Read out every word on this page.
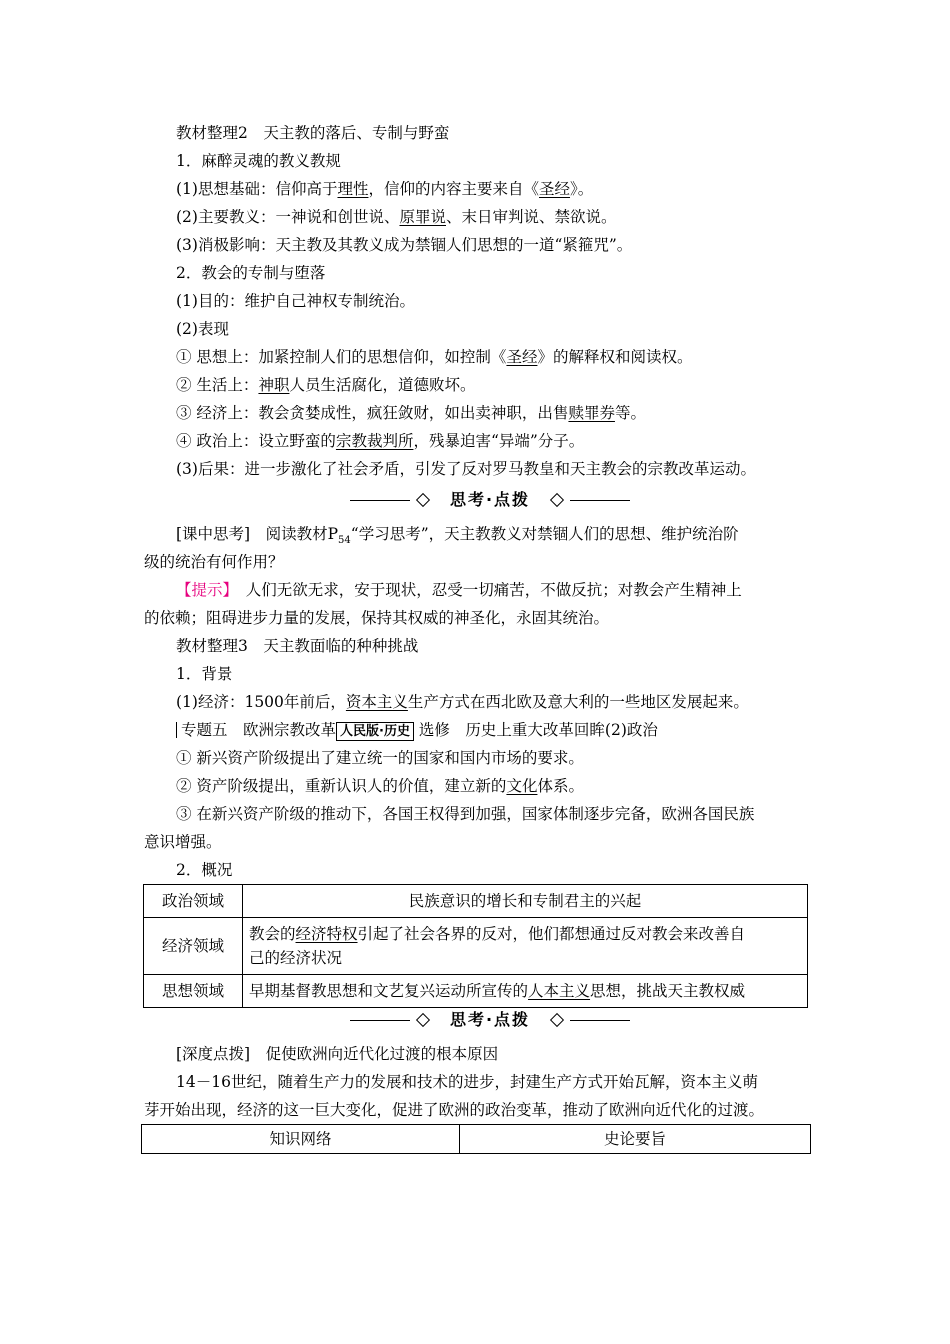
教材整理2　天主教的落后、专制与野蛮
1．麻醉灵魂的教义教规
(1)思想基础：信仰高于理性，信仰的内容主要来自《圣经》。
(2)主要教义：一神说和创世说、原罪说、末日审判说、禁欲说。
(3)消极影响：天主教及其教义成为禁锢人们思想的一道“紧箍咒”。
2．教会的专制与堕落
(1)目的：维护自己神权专制统治。
(2)表现
① 思想上：加紧控制人们的思想信仰，如控制《圣经》的解释权和阅读权。
② 生活上：神职人员生活腐化，道德败坏。
③ 经济上：教会贪婪成性，疯狂敛财，如出卖神职，出售赎罪券等。
④ 政治上：设立野蛮的宗教裁判所，残暴迫害“异端”分子。
(3)后果：进一步激化了社会矛盾，引发了反对罗马教皇和天主教会的宗教改革运动。
思考·点拨
[课中思考]　阅读教材$P_{54}“$学习思考”，天主教教义对禁锢人们的思想、维护统治阶
级的统治有何作用？
【提示】　人们无欲无求，安于现状，忍受一切痛苦，不做反抗；对教会产生精神上
的依赖；阻碍进步力量的发展，保持其权威的神圣化，永固其统治。
教材整理3　天主教面临的种种挑战
1．背景
(1)经济：1500年前后，资本主义生产方式在西北欧及意大利的一些地区发展起来。
专题五　欧洲宗教改革 人民版·历史 选修　历史上重大改革回眸(2)政治
① 新兴资产阶级提出了建立统一的国家和国内市场的要求。
② 资产阶级提出，重新认识人的价值，建立新的文化体系。
③ 在新兴资产阶级的推动下，各国王权得到加强，国家体制逐步完备，欧洲各国民族
意识增强。
2．概况
政治领域	民族意识的增长和专制君主的兴起
经济领域	教会的经济特权引起了社会各界的反对，他们都想通过反对教会来改善自
己的经济状况
思想领域	早期基督教思想和文艺复兴运动所宣传的人本主义思想，挑战天主教权威
思考·点拨
[深度点拨]　促使欧洲向近代化过渡的根本原因
14－16世纪，随着生产力的发展和技术的进步，封建生产方式开始瓦解，资本主义萌
芽开始出现，经济的这一巨大变化，促进了欧洲的政治变革，推动了欧洲向近代化的过渡。
知识网络	史论要旨
